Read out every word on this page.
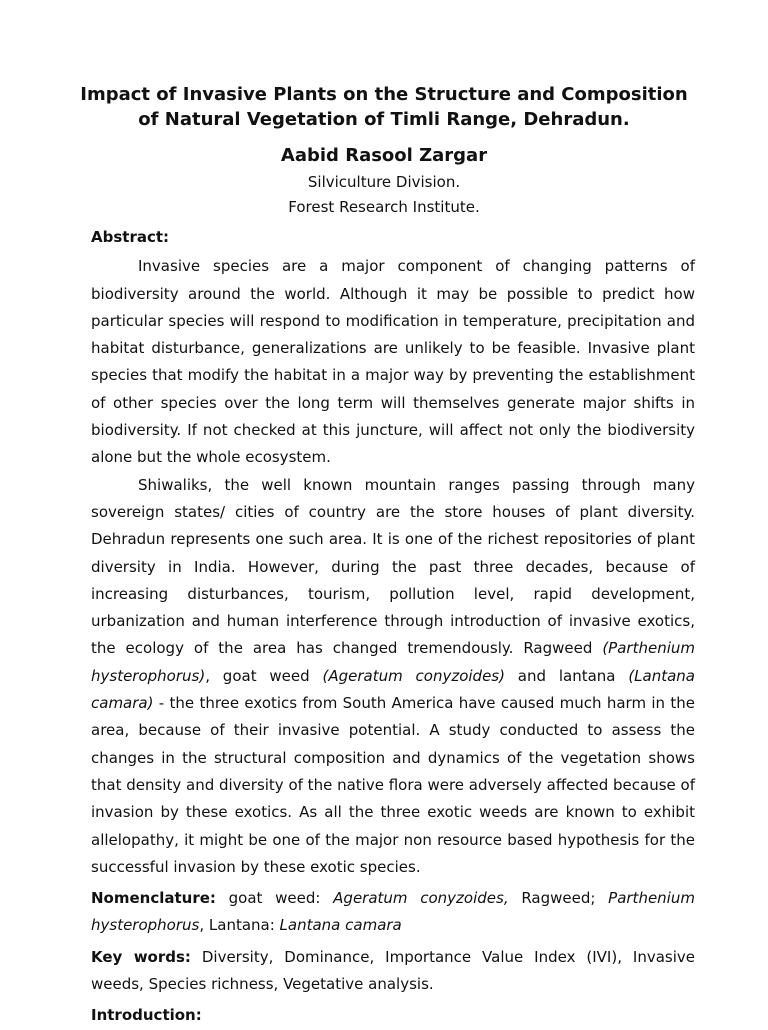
Impact of Invasive Plants on the Structure and Composition
of Natural Vegetation of Timli Range, Dehradun.

Aabid Rasool Zargar

Silviculture Division.
Forest Research Institute.

Abstract:

Invasive species are a major component of changing patterns of biodiversity around the world. Although it may be possible to predict how particular species will respond to modification in temperature, precipitation and habitat disturbance, generalizations are unlikely to be feasible. Invasive plant species that modify the habitat in a major way by preventing the establishment of other species over the long term will themselves generate major shifts in biodiversity. If not checked at this juncture, will affect not only the biodiversity alone but the whole ecosystem.

Shiwaliks, the well known mountain ranges passing through many sovereign states/ cities of country are the store houses of plant diversity. Dehradun represents one such area. It is one of the richest repositories of plant diversity in India. However, during the past three decades, because of increasing disturbances, tourism, pollution level, rapid development, urbanization and human interference through introduction of invasive exotics, the ecology of the area has changed tremendously. Ragweed (Parthenium hysterophorus), goat weed (Ageratum conyzoides) and lantana (Lantana camara) - the three exotics from South America have caused much harm in the area, because of their invasive potential. A study conducted to assess the changes in the structural composition and dynamics of the vegetation shows that density and diversity of the native flora were adversely affected because of invasion by these exotics. As all the three exotic weeds are known to exhibit allelopathy, it might be one of the major non resource based hypothesis for the successful invasion by these exotic species.

Nomenclature: goat weed: Ageratum conyzoides, Ragweed; Parthenium hysterophorus, Lantana: Lantana camara

Key words: Diversity, Dominance, Importance Value Index (IVI), Invasive weeds, Species richness, Vegetative analysis.

Introduction:
